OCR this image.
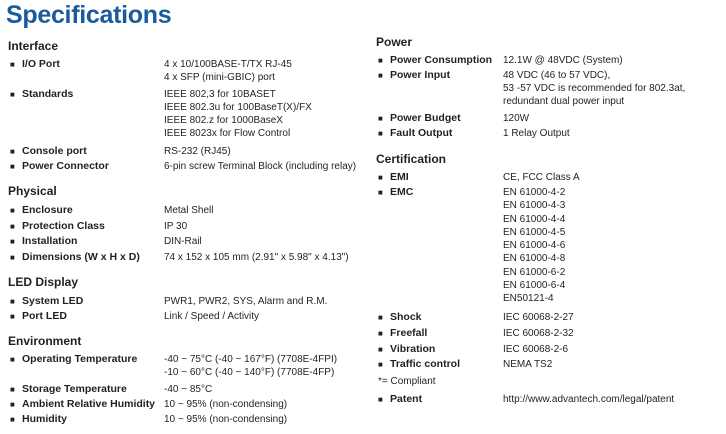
Specifications
Interface
■ I/O Port	4 x 10/100BASE-T/TX RJ-45
4 x SFP (mini-GBIC) port
■ Standards	IEEE 802,3 for 10BASET
IEEE 802.3u for 100BaseT(X)/FX
IEEE 802.z for 1000BaseX
IEEE 8023x for Flow Control
■ Console port	RS-232 (RJ45)
■ Power Connector	6-pin screw Terminal Block (including relay)
Physical
■ Enclosure	Metal Shell
■ Protection Class	IP 30
■ Installation	DIN-Rail
■ Dimensions (W x H x D) 74 x 152 x 105 mm (2.91" x 5.98" x 4.13")
LED Display
■ System LED	PWR1, PWR2, SYS, Alarm and R.M.
■ Port LED	Link / Speed / Activity
Environment
■ Operating Temperature	-40 ~ 75°C (-40 ~ 167°F) (7708E-4FPI)
-10 ~ 60°C (-40 ~ 140°F) (7708E-4FP)
■ Storage Temperature	-40 ~ 85°C
■ Ambient Relative Humidity 10 ~ 95% (non-condensing)
■ Humidity	10 ~ 95% (non-condensing)
Power
■ Power Consumption 12.1W @ 48VDC (System)
■ Power Input	48 VDC (46 to 57 VDC),
53 -57 VDC is recommended for 802.3at,
redundant dual power input
■ Power Budget	120W
■ Fault Output	1 Relay Output
Certification
■ EMI	CE, FCC Class A
■ EMC	EN 61000-4-2
EN 61000-4-3
EN 61000-4-4
EN 61000-4-5
EN 61000-4-6
EN 61000-4-8
EN 61000-6-2
EN 61000-6-4
EN50121-4
■ Shock	IEC 60068-2-27
■ Freefall	IEC 60068-2-32
■ Vibration	IEC 60068-2-6
■ Traffic control	NEMA TS2
*= Compliant
■ Patent	http://www.advantech.com/legal/patent
